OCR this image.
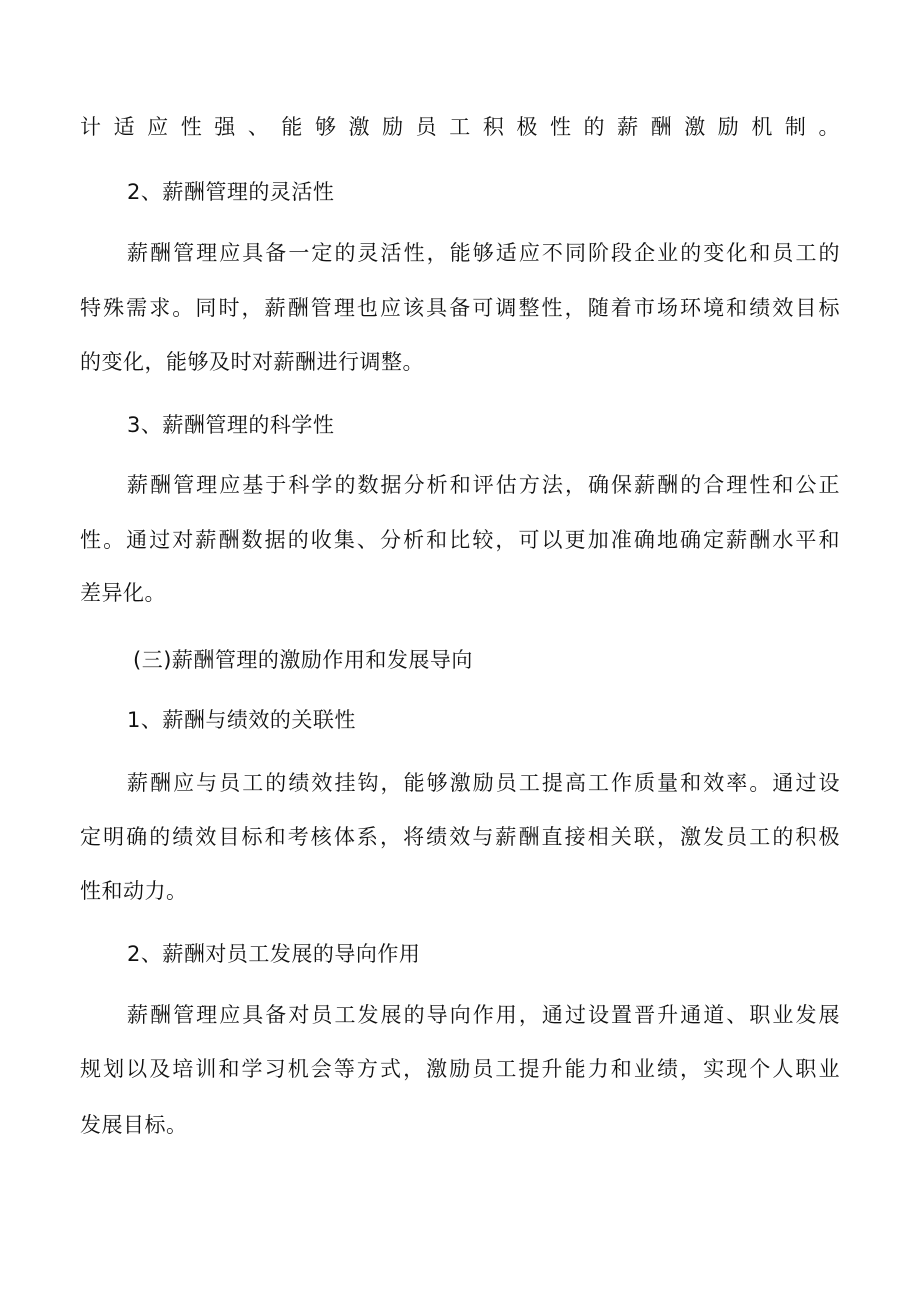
计适应性强、能够激励员工积极性的薪酬激励机制。
2、薪酬管理的灵活性
薪酬管理应具备一定的灵活性，能够适应不同阶段企业的变化和员工的
特殊需求。同时，薪酬管理也应该具备可调整性，随着市场环境和绩效目标
的变化，能够及时对薪酬进行调整。
3、薪酬管理的科学性
薪酬管理应基于科学的数据分析和评估方法，确保薪酬的合理性和公正
性。通过对薪酬数据的收集、分析和比较，可以更加准确地确定薪酬水平和
差异化。
(三)薪酬管理的激励作用和发展导向
1、薪酬与绩效的关联性
薪酬应与员工的绩效挂钩，能够激励员工提高工作质量和效率。通过设
定明确的绩效目标和考核体系，将绩效与薪酬直接相关联，激发员工的积极
性和动力。
2、薪酬对员工发展的导向作用
薪酬管理应具备对员工发展的导向作用，通过设置晋升通道、职业发展
规划以及培训和学习机会等方式，激励员工提升能力和业绩，实现个人职业
发展目标。
